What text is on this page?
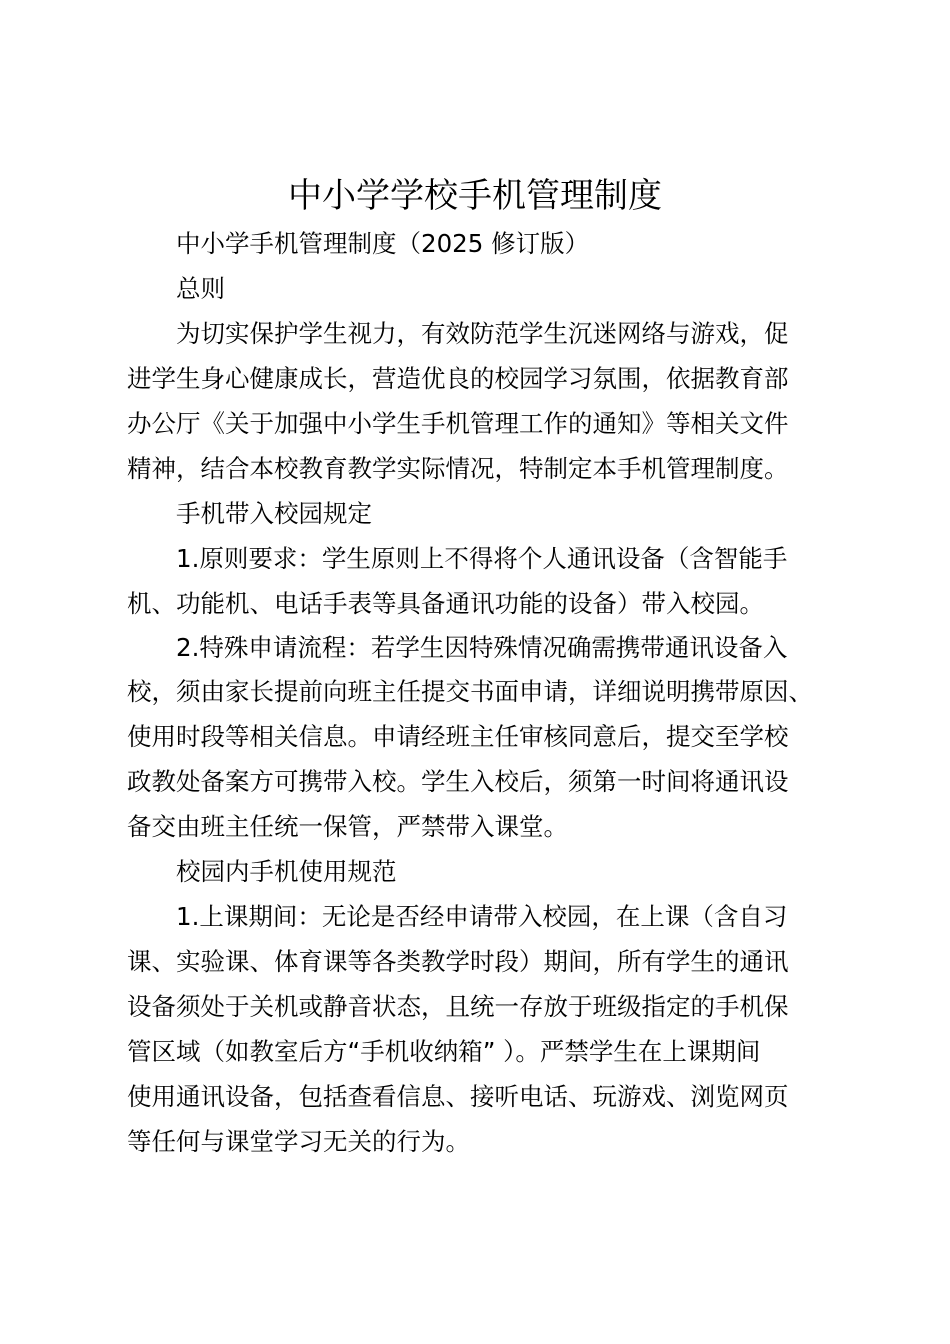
中小学学校手机管理制度
中小学手机管理制度（2025 修订版）
总则
为切实保护学生视力，有效防范学生沉迷网络与游戏，促
进学生身心健康成长，营造优良的校园学习氛围，依据教育部
办公厅《关于加强中小学生手机管理工作的通知》等相关文件
精神，结合本校教育教学实际情况，特制定本手机管理制度。
手机带入校园规定
1.原则要求：学生原则上不得将个人通讯设备（含智能手
机、功能机、电话手表等具备通讯功能的设备）带入校园。
2.特殊申请流程：若学生因特殊情况确需携带通讯设备入
校，须由家长提前向班主任提交书面申请，详细说明携带原因、
使用时段等相关信息。申请经班主任审核同意后，提交至学校
政教处备案方可携带入校。学生入校后，须第一时间将通讯设
备交由班主任统一保管，严禁带入课堂。
校园内手机使用规范
1.上课期间：无论是否经申请带入校园，在上课（含自习
课、实验课、体育课等各类教学时段）期间，所有学生的通讯
设备须处于关机或静音状态，且统一存放于班级指定的手机保
管区域（如教室后方“手机收纳箱” ）。严禁学生在上课期间
使用通讯设备，包括查看信息、接听电话、玩游戏、浏览网页
等任何与课堂学习无关的行为。
